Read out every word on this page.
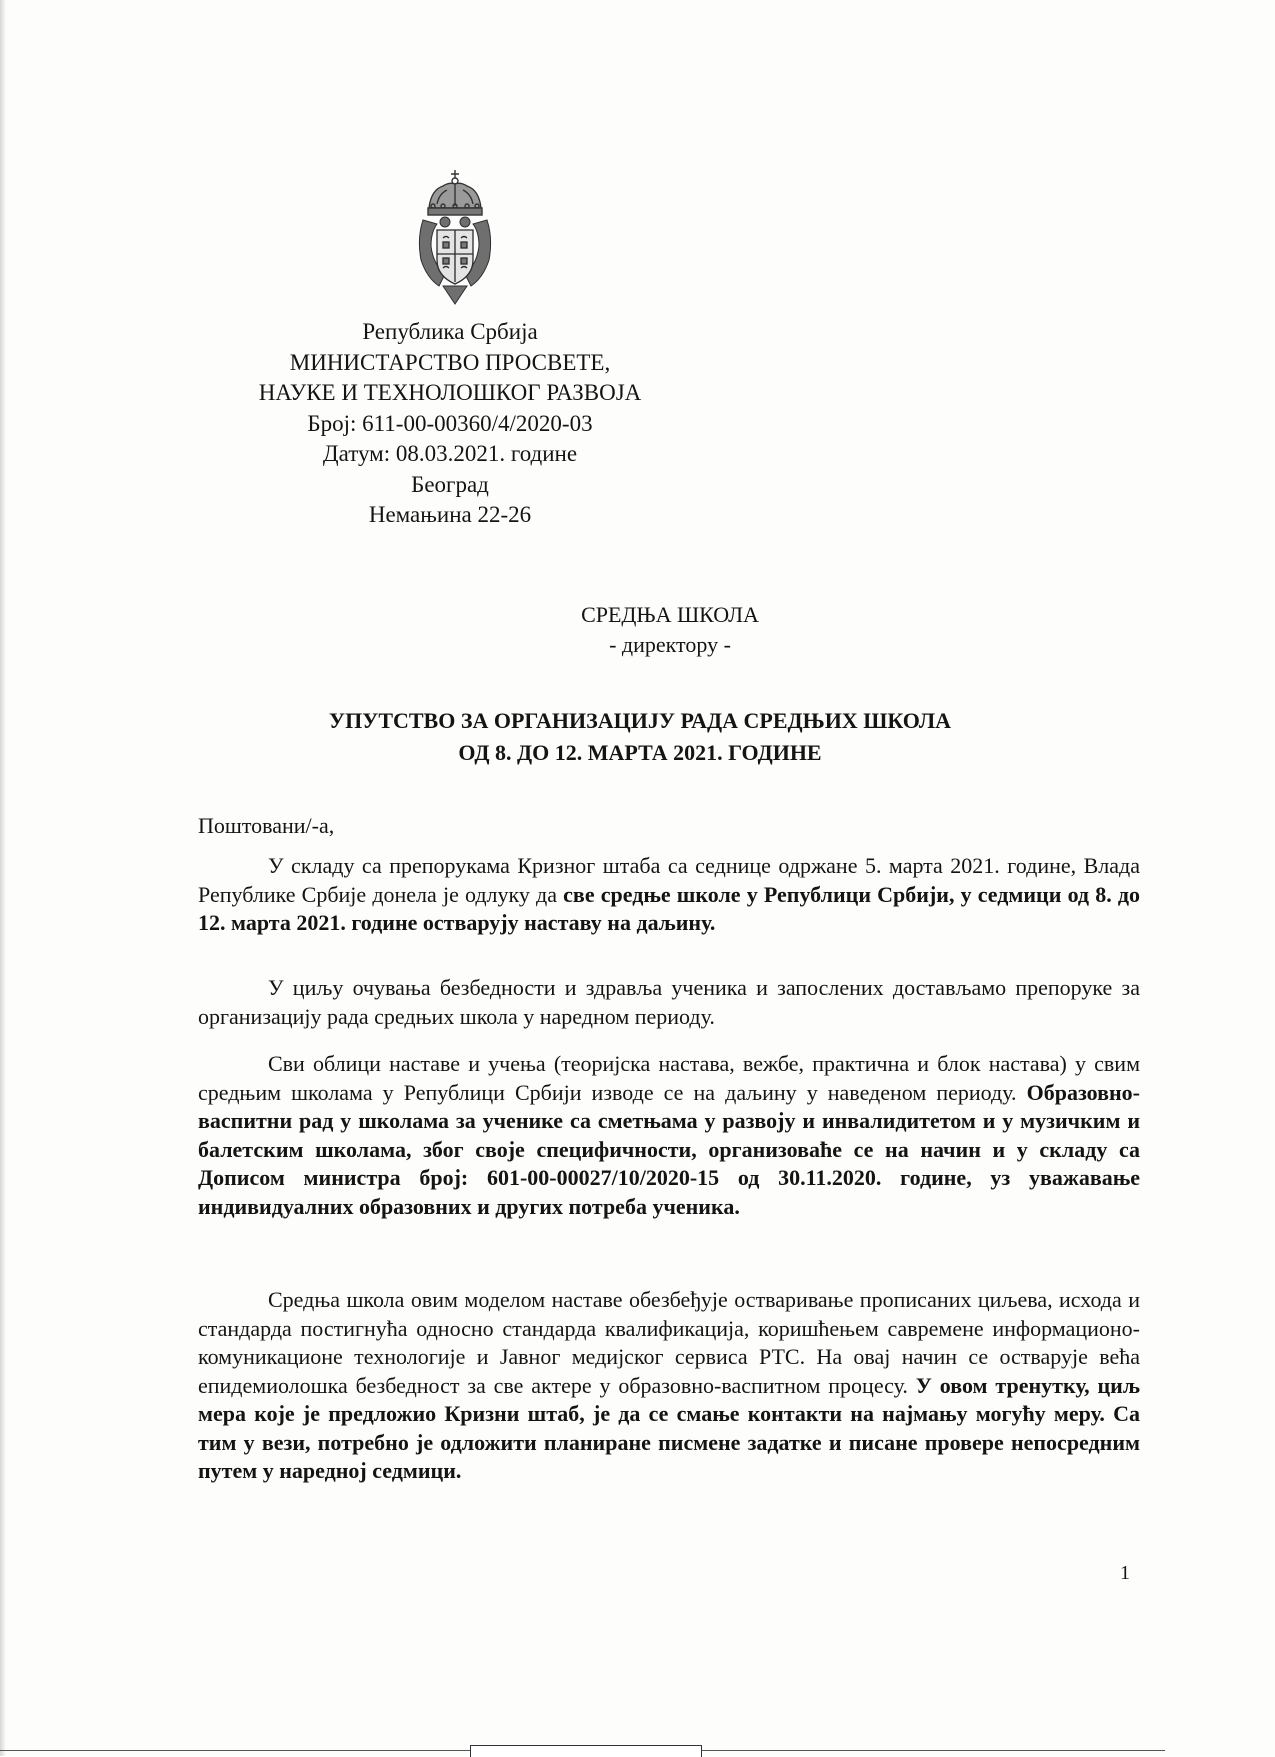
Република Србија
МИНИСТАРСТВО ПРОСВЕТЕ,
НАУКЕ И ТЕХНОЛОШКОГ РАЗВОЈА
Број: 611-00-00360/4/2020-03
Датум: 08.03.2021. године
Београд
Немањина 22-26
СРЕДЊА ШКОЛА
- директору -
УПУТСТВО ЗА ОРГАНИЗАЦИЈУ РАДА СРЕДЊИХ ШКОЛА
ОД 8. ДО 12. МАРТА 2021. ГОДИНЕ
Поштовани/-а,

У складу са препорукама Кризног штаба са седнице одржане 5. марта 2021. године, Влада Републике Србије донела је одлуку да све средње школе у Републици Србији, у седмици од 8. до 12. марта 2021. године остварују наставу на даљину.

У циљу очувања безбедности и здравља ученика и запослених достављамо препоруке за организацију рада средњих школа у наредном периоду.

Сви облици наставе и учења (теоријска настава, вежбе, практична и блок настава) у свим средњим школама у Републици Србији изводе се на даљину у наведеном периоду. Образовно-васпитни рад у школама за ученике са сметњама у развоју и инвалидитетом и у музичким и балетским школама, због своје специфичности, организоваће се на начин и у складу са Дописом министра број: 601-00-00027/10/2020-15 од 30.11.2020. године, уз уважавање индивидуалних образовних и других потреба ученика.

Средња школа овим моделом наставе обезбеђује остваривање прописаних циљева, исхода и стандарда постигнућа односно стандарда квалификација, коришћењем савремене информационо-комуникационе технологије и Јавног медијског сервиса РТС. На овај начин се остварује већа епидемиолошка безбедност за све актере у образовно-васпитном процесу. У овом тренутку, циљ мера које је предложио Кризни штаб, је да се смање контакти на најмању могућу меру. Са тим у вези, потребно је одложити планиране писмене задатке и писане провере непосредним путем у наредној седмици.

1
